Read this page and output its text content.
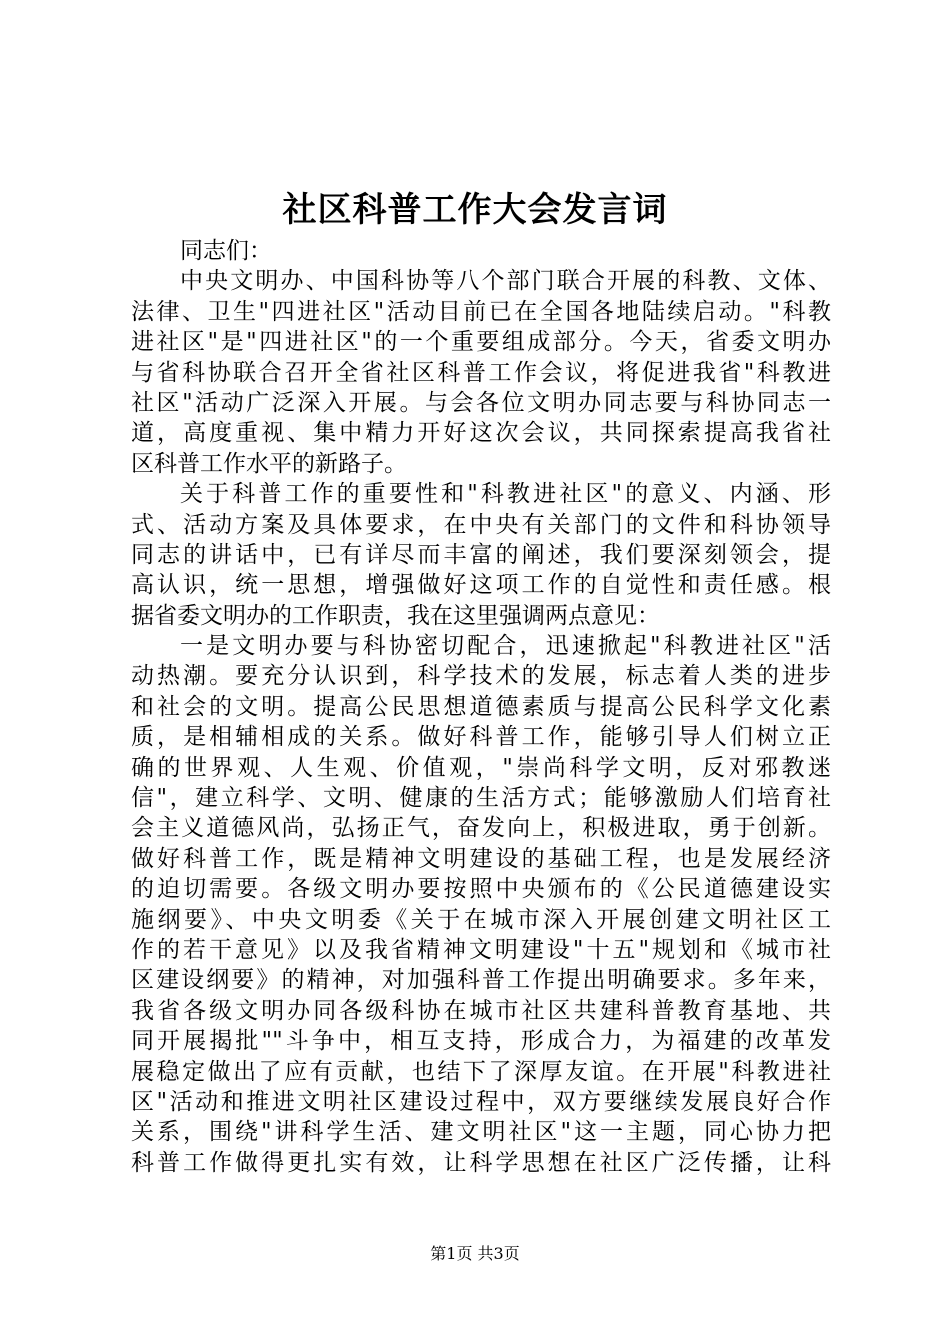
社区科普工作大会发言词
同志们：
中央文明办、中国科协等八个部门联合开展的科教、文体、
法律、卫生"四进社区"活动目前已在全国各地陆续启动。"科教
进社区"是"四进社区"的一个重要组成部分。今天，省委文明办
与省科协联合召开全省社区科普工作会议，将促进我省"科教进
社区"活动广泛深入开展。与会各位文明办同志要与科协同志一
道，高度重视、集中精力开好这次会议，共同探索提高我省社
区科普工作水平的新路子。
关于科普工作的重要性和"科教进社区"的意义、内涵、形
式、活动方案及具体要求，在中央有关部门的文件和科协领导
同志的讲话中，已有详尽而丰富的阐述，我们要深刻领会，提
高认识，统一思想，增强做好这项工作的自觉性和责任感。根
据省委文明办的工作职责，我在这里强调两点意见：
一是文明办要与科协密切配合，迅速掀起"科教进社区"活
动热潮。要充分认识到，科学技术的发展，标志着人类的进步
和社会的文明。提高公民思想道德素质与提高公民科学文化素
质，是相辅相成的关系。做好科普工作，能够引导人们树立正
确的世界观、人生观、价值观，"崇尚科学文明，反对邪教迷
信"，建立科学、文明、健康的生活方式；能够激励人们培育社
会主义道德风尚，弘扬正气，奋发向上，积极进取，勇于创新。
做好科普工作，既是精神文明建设的基础工程，也是发展经济
的迫切需要。各级文明办要按照中央颁布的《公民道德建设实
施纲要》、中央文明委《关于在城市深入开展创建文明社区工
作的若干意见》以及我省精神文明建设"十五"规划和《城市社
区建设纲要》的精神，对加强科普工作提出明确要求。多年来，
我省各级文明办同各级科协在城市社区共建科普教育基地、共
同开展揭批""斗争中，相互支持，形成合力，为福建的改革发
展稳定做出了应有贡献，也结下了深厚友谊。在开展"科教进社
区"活动和推进文明社区建设过程中，双方要继续发展良好合作
关系，围绕"讲科学生活、建文明社区"这一主题，同心协力把
科普工作做得更扎实有效，让科学思想在社区广泛传播，让科
第1页 共3页
